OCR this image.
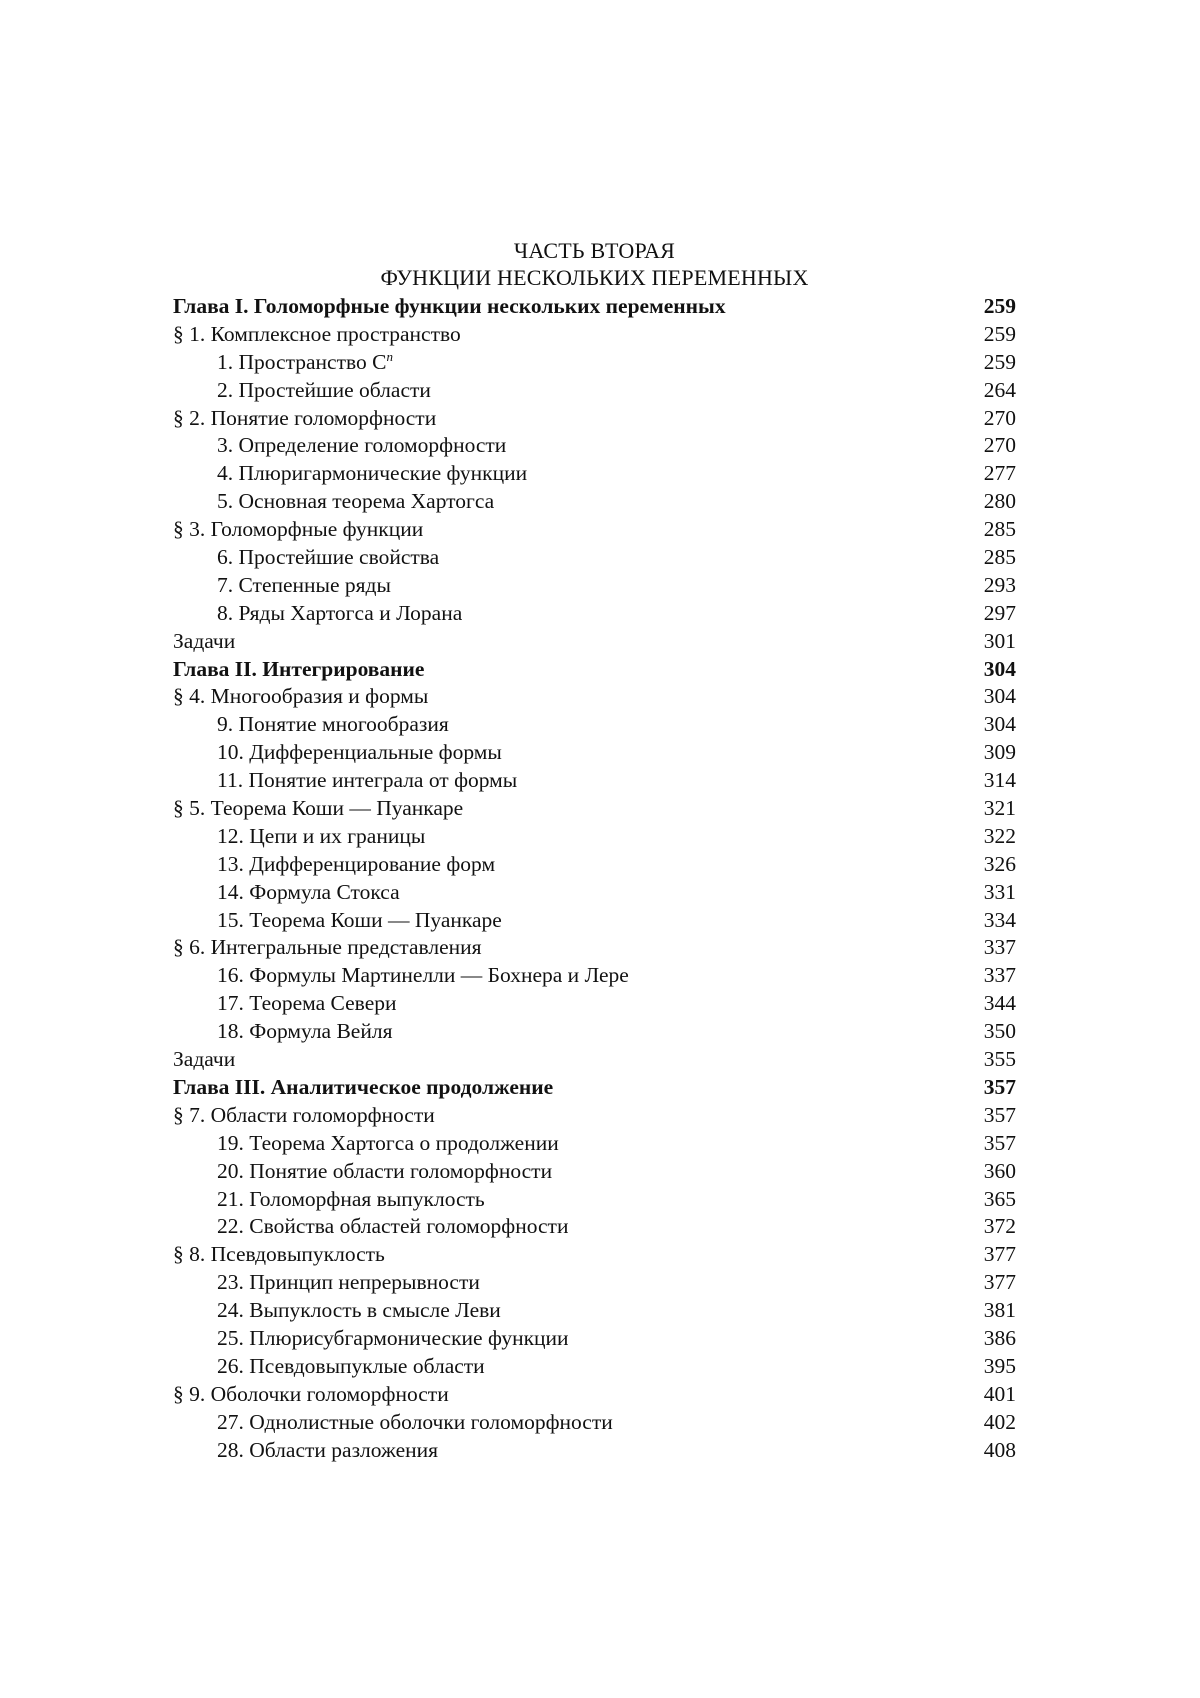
ЧАСТЬ ВТОРАЯ
ФУНКЦИИ НЕСКОЛЬКИХ ПЕРЕМЕННЫХ
Глава I. Голоморфные функции нескольких переменных	259
§ 1. Комплексное пространство	259
1. Пространство $C^n$	259
2. Простейшие области	264
§ 2. Понятие голоморфности	270
3. Определение голоморфности	270
4. Плюригармонические функции	277
5. Основная теорема Хартогса	280
§ 3. Голоморфные функции	285
6. Простейшие свойства	285
7. Степенные ряды	293
8. Ряды Хартогса и Лорана	297
Задачи	301
Глава II. Интегрирование	304
§ 4. Многообразия и формы	304
9. Понятие многообразия	304
10. Дифференциальные формы	309
11. Понятие интеграла от формы	314
§ 5. Теорема Коши — Пуанкаре	321
12. Цепи и их границы	322
13. Дифференцирование форм	326
14. Формула Стокса	331
15. Теорема Коши — Пуанкаре	334
§ 6. Интегральные представления	337
16. Формулы Мартинелли — Бохнера и Лере	337
17. Теорема Севери	344
18. Формула Вейля	350
Задачи	355
Глава III. Аналитическое продолжение	357
§ 7. Области голоморфности	357
19. Теорема Хартогса о продолжении	357
20. Понятие области голоморфности	360
21. Голоморфная выпуклость	365
22. Свойства областей голоморфности	372
§ 8. Псевдовыпуклость	377
23. Принцип непрерывности	377
24. Выпуклость в смысле Леви	381
25. Плюрисубгармонические функции	386
26. Псевдовыпуклые области	395
§ 9. Оболочки голоморфности	401
27. Однолистные оболочки голоморфности	402
28. Области разложения	408
